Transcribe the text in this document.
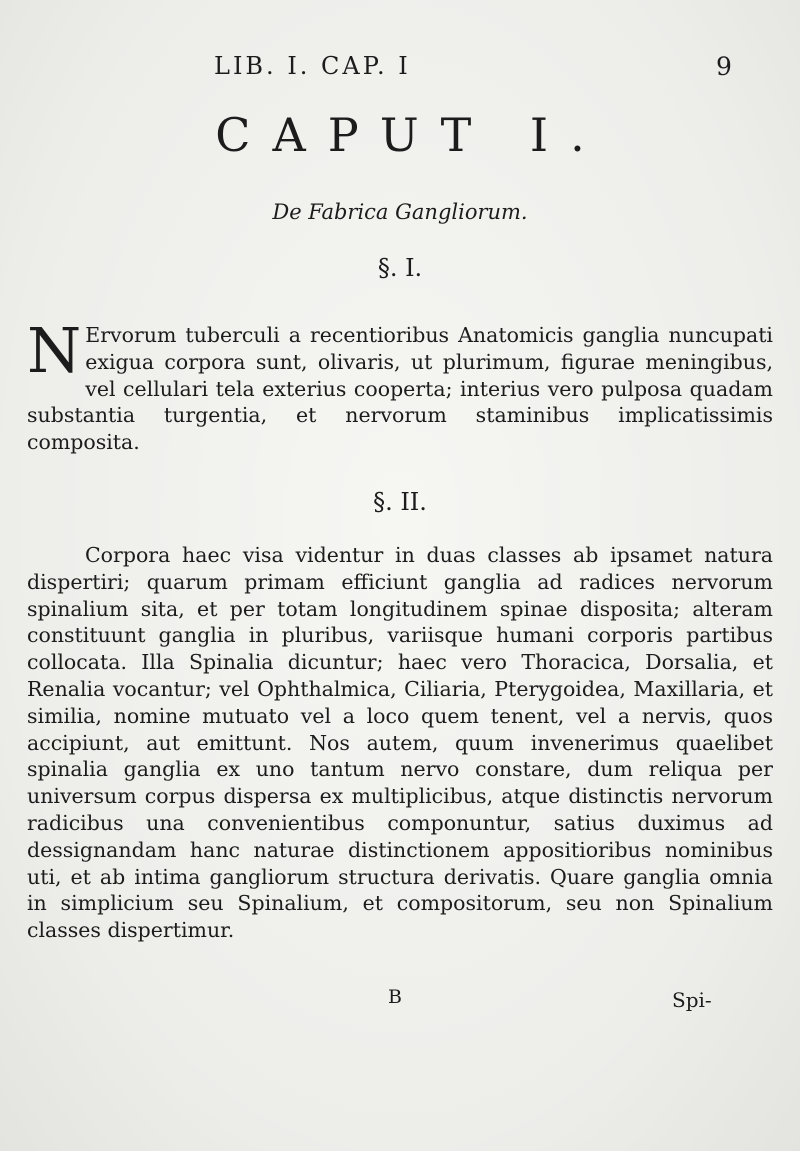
LIB. I. CAP. I	9
CAPUT I.
De Fabrica Gangliorum.
§. I.
N Ervorum tuberculi a recentioribus Anatomicis ganglia nuncupati exigua corpora sunt, olivaris, ut plurimum, figurae meningibus, vel cellulari tela exterius cooperta; interius vero pulposa quadam substantia turgentia, et nervorum staminibus implicatissimis composita.
§. II.
Corpora haec visa videntur in duas classes ab ipsamet natura dispertiri; quarum primam efficiunt ganglia ad radices nervorum spinalium sita, et per totam longitudinem spinae disposita; alteram constituunt ganglia in pluribus, variisque humani corporis partibus collocata. Illa Spinalia dicuntur; haec vero Thoracica, Dorsalia, et Renalia vocantur; vel Ophthalmica, Ciliaria, Pterygoidea, Maxillaria, et similia, nomine mutuato vel a loco quem tenent, vel a nervis, quos accipiunt, aut emittunt. Nos autem, quum invenerimus quaelibet spinalia ganglia ex uno tantum nervo constare, dum reliqua per universum corpus dispersa ex multiplicibus, atque distinctis nervorum radicibus una convenientibus componuntur, satius duximus ad dessignandam hanc naturae distinctionem appositioribus nominibus uti, et ab intima gangliorum structura derivatis. Quare ganglia omnia in simplicium seu Spinalium, et compositorum, seu non Spinalium classes dispertimur.
B	Spi-
